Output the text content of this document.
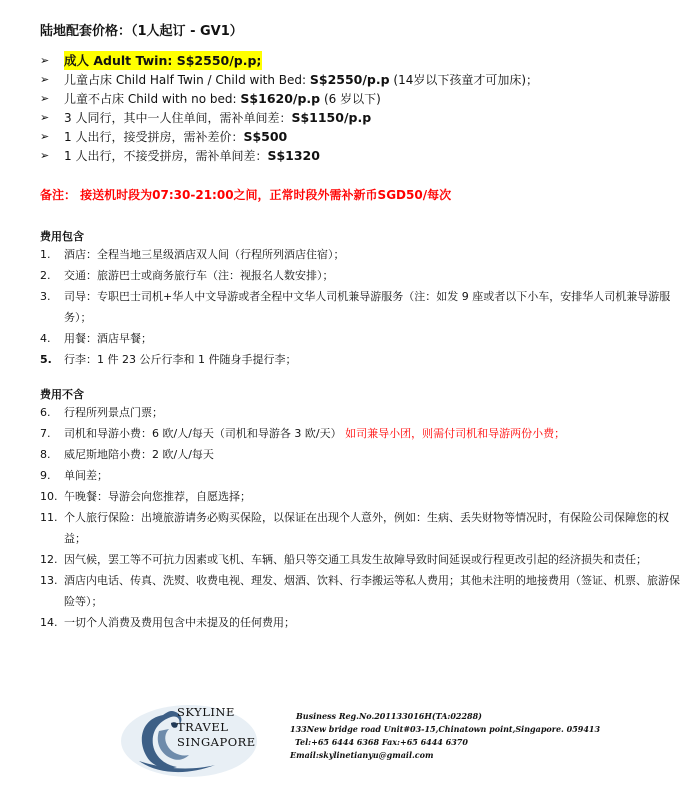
陆地配套价格：（1人起订 - GV1）
➢	成人 Adult Twin: S$2550/p.p;
➢	儿童占床 Child Half Twin / Child with Bed: S$2550/p.p (14岁以下孩童才可加床)；
➢	儿童不占床 Child with no bed: S$1620/p.p (6 岁以下)
➢	3 人同行，其中一人住单间，需补单间差：S$1150/p.p
➢	1 人出行，接受拼房，需补差价：S$500
➢	1 人出行，不接受拼房，需补单间差：S$1320
备注： 接送机时段为07:30-21:00之间，正常时段外需补新币SGD50/每次
费用包含
1.	酒店：全程当地三星级酒店双人间（行程所列酒店住宿）；
2.	交通：旅游巴士或商务旅行车（注：视报名人数安排）；
3.	司导：专职巴士司机+华人中文导游或者全程中文华人司机兼导游服务（注：如发 9 座或者以下小车，安排华人司机兼导游服务）；
4.	用餐：酒店早餐；
5.	行李：1 件 23 公斤行李和 1 件随身手提行李；
费用不含
6.	行程所列景点门票；
7.	司机和导游小费：6 欧/人/每天（司机和导游各 3 欧/天） 如司兼导小团，则需付司机和导游两份小费；
8.	威尼斯地陪小费：2 欧/人/每天
9.	单间差；
10. 午晚餐：导游会向您推荐，自愿选择；
11. 个人旅行保险：出境旅游请务必购买保险，以保证在出现个人意外，例如：生病、丢失财物等情况时，有保险公司保障您的权益；
12. 因气候，罢工等不可抗力因素或飞机、车辆、船只等交通工具发生故障导致时间延误或行程更改引起的经济损失和责任；
13. 酒店内电话、传真、洗熨、收费电视、理发、烟酒、饮料、行李搬运等私人费用；其他未注明的地接费用（签证、机票、旅游保险等）；
14. 一切个人消费及费用包含中未提及的任何费用；
SKYLINE
TRAVEL
SINGAPORE
Business Reg.No.201133016H(TA:02288)
133New bridge road Unit#03-15,Chinatown point,Singapore. 059413
Tel:+65 6444 6368 Fax:+65 6444 6370
Email:skylinetianyu@gmail.com
